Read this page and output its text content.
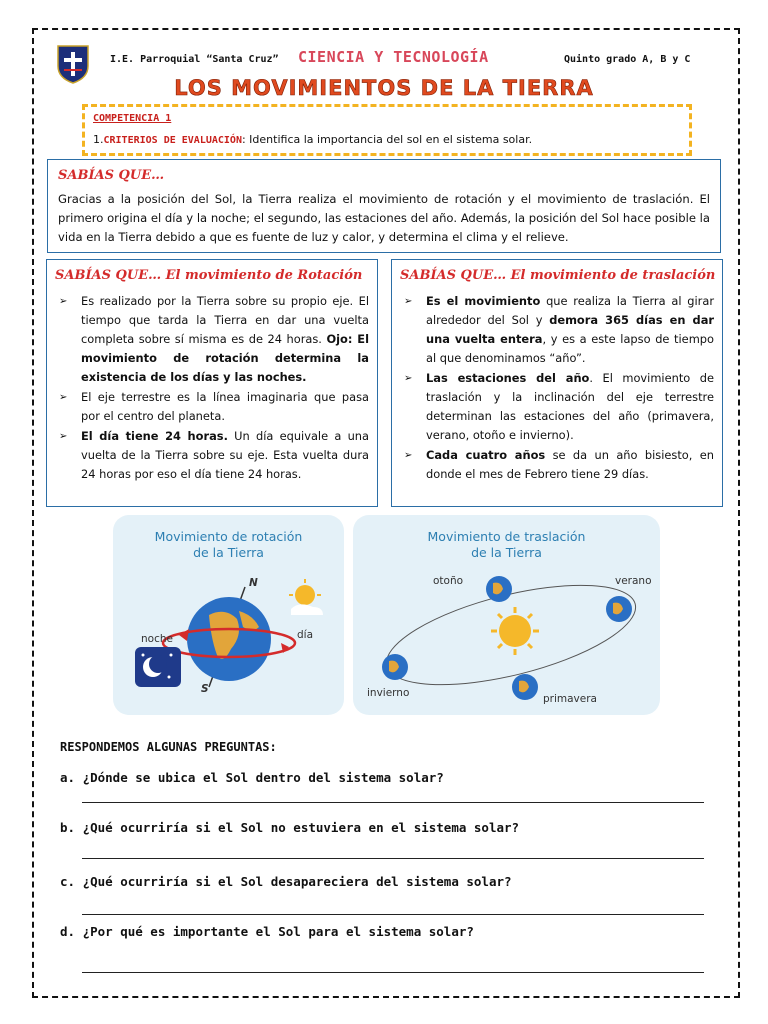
I.E. Parroquial “Santa Cruz” CIENCIA Y TECNOLOGÍA	Quinto grado A, B y C
LOS MOVIMIENTOS DE LA TIERRA
COMPETENCIA 1
1.CRITERIOS DE EVALUACIÓN: Identifica la importancia del sol en el sistema solar.
SABÍAS QUE…
Gracias a la posición del Sol, la Tierra realiza el movimiento de rotación y el movimiento de traslación. El primero origina el día y la noche; el segundo, las estaciones del año. Además, la posición del Sol hace posible la vida en la Tierra debido a que es fuente de luz y calor, y determina el clima y el relieve.
SABÍAS QUE… El movimiento de Rotación
➢ Es realizado por la Tierra sobre su propio eje. El tiempo que tarda la Tierra en dar una vuelta completa sobre sí misma es de 24 horas. Ojo: El movimiento de rotación determina la existencia de los días y las noches.
➢ El eje terrestre es la línea imaginaria que pasa por el centro del planeta.
➢ El día tiene 24 horas. Un día equivale a una vuelta de la Tierra sobre su eje. Esta vuelta dura 24 horas por eso el día tiene 24 horas.
SABÍAS QUE… El movimiento de traslación
➢ Es el movimiento que realiza la Tierra al girar alrededor del Sol y demora 365 días en dar una vuelta entera, y es a este lapso de tiempo al que denominamos “año”.
➢ Las estaciones del año. El movimiento de traslación y la inclinación del eje terrestre determinan las estaciones del año (primavera, verano, otoño e invierno).
➢ Cada cuatro años se da un año bisiesto, en donde el mes de Febrero tiene 29 días.
Movimiento de rotación
de la Tierra
noche	día
N
S
Movimiento de traslación
de la Tierra
otoño	verano
invierno	primavera
RESPONDEMOS ALGUNAS PREGUNTAS:
a. ¿Dónde se ubica el Sol dentro del sistema solar?
b. ¿Qué ocurriría si el Sol no estuviera en el sistema solar?
c. ¿Qué ocurriría si el Sol desapareciera del sistema solar?
d. ¿Por qué es importante el Sol para el sistema solar?
